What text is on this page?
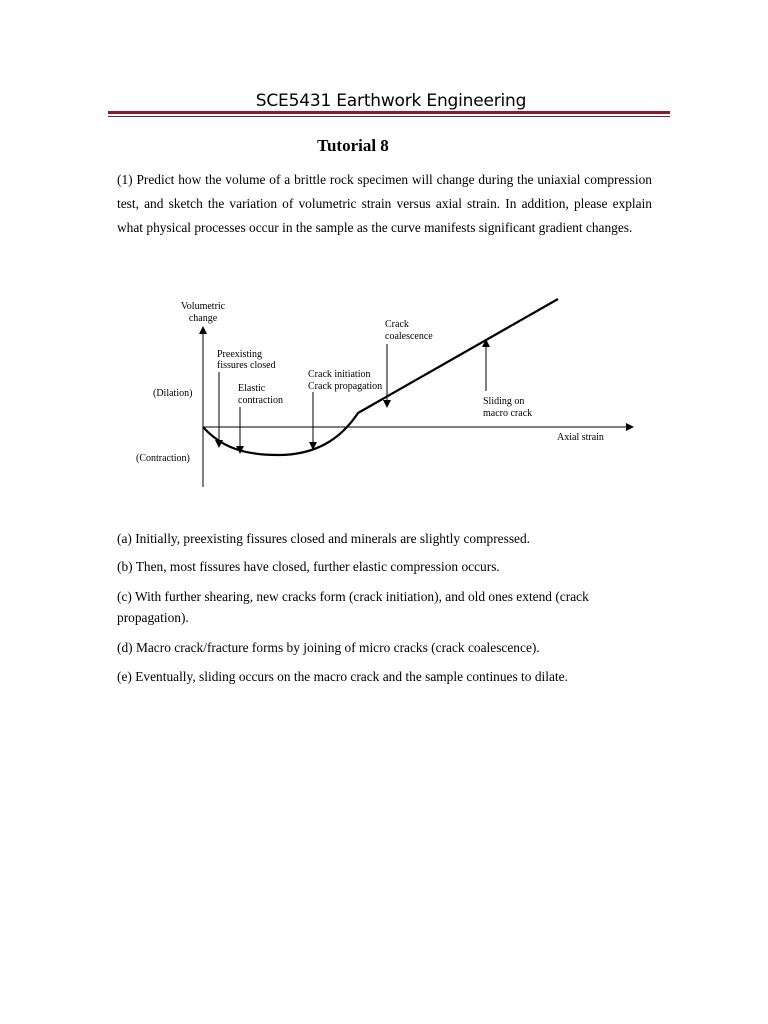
SCE5431 Earthwork Engineering
Tutorial 8
(1) Predict how the volume of a brittle rock specimen will change during the uniaxial compression test, and sketch the variation of volumetric strain versus axial strain. In addition, please explain what physical processes occur in the sample as the curve manifests significant gradient changes.
Volumetric change
(Dilation)
(Contraction)
Axial strain
Preexisting fissures closed
Elastic contraction
Crack initiation Crack propagation
Crack coalescence
Sliding on macro crack
(a) Initially, preexisting fissures closed and minerals are slightly compressed.
(b) Then, most fissures have closed, further elastic compression occurs.
(c) With further shearing, new cracks form (crack initiation), and old ones extend (crack propagation).
(d) Macro crack/fracture forms by joining of micro cracks (crack coalescence).
(e) Eventually, sliding occurs on the macro crack and the sample continues to dilate.
